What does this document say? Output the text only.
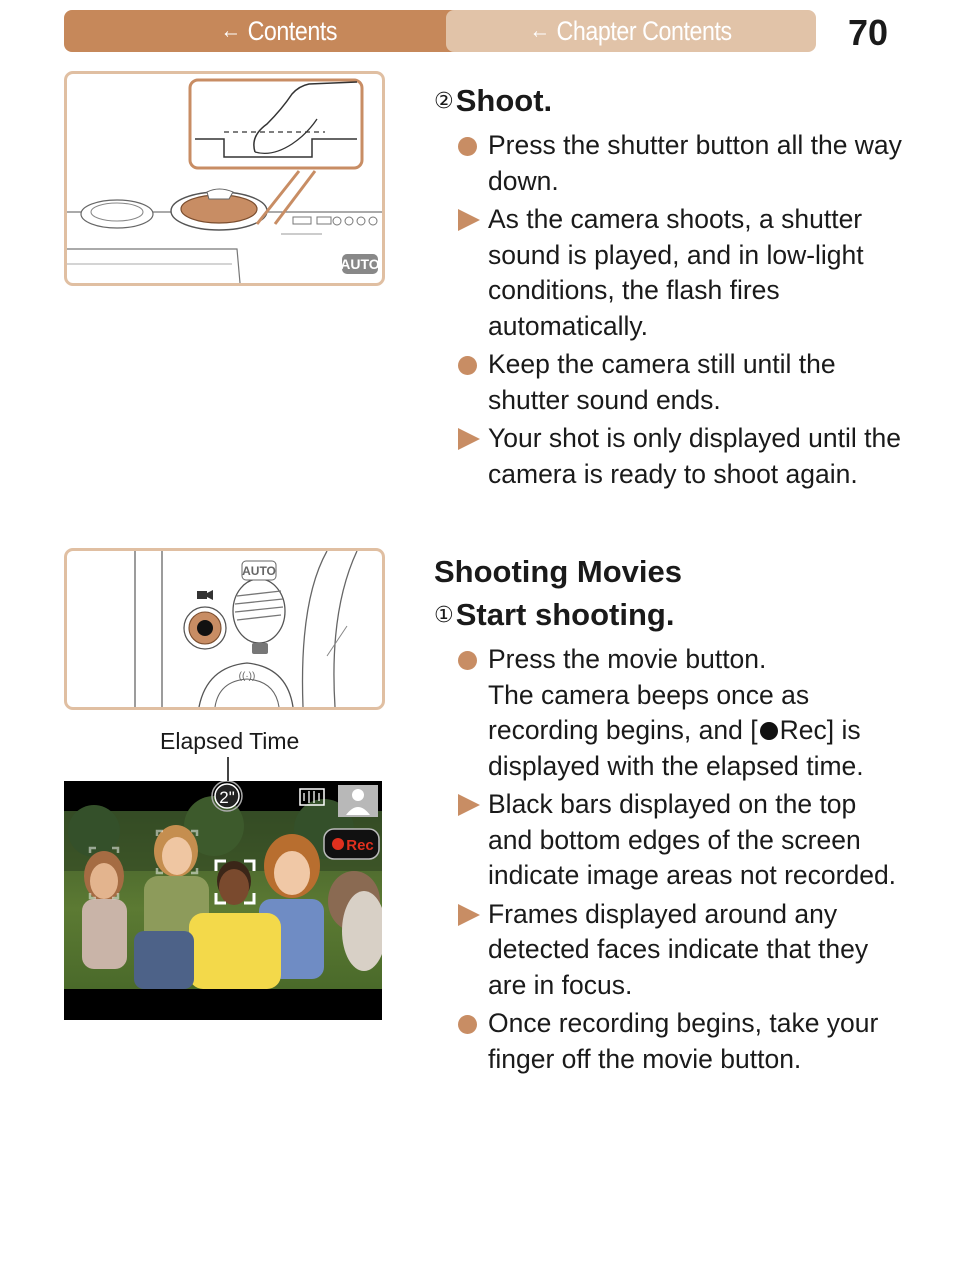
← Contents	← Chapter Contents	70
AUTO
AUTO
((·))
Elapsed Time
2"
Rec
②Shoot.
Press the shutter button all the way down.
As the camera shoots, a shutter sound is played, and in low-light conditions, the flash fires automatically.
Keep the camera still until the shutter sound ends.
Your shot is only displayed until the camera is ready to shoot again.
Shooting Movies
①Start shooting.
Press the movie button.
The camera beeps once as recording begins, and [ Rec] is displayed with the elapsed time.
Black bars displayed on the top and bottom edges of the screen indicate image areas not recorded.
Frames displayed around any detected faces indicate that they are in focus.
Once recording begins, take your finger off the movie button.
